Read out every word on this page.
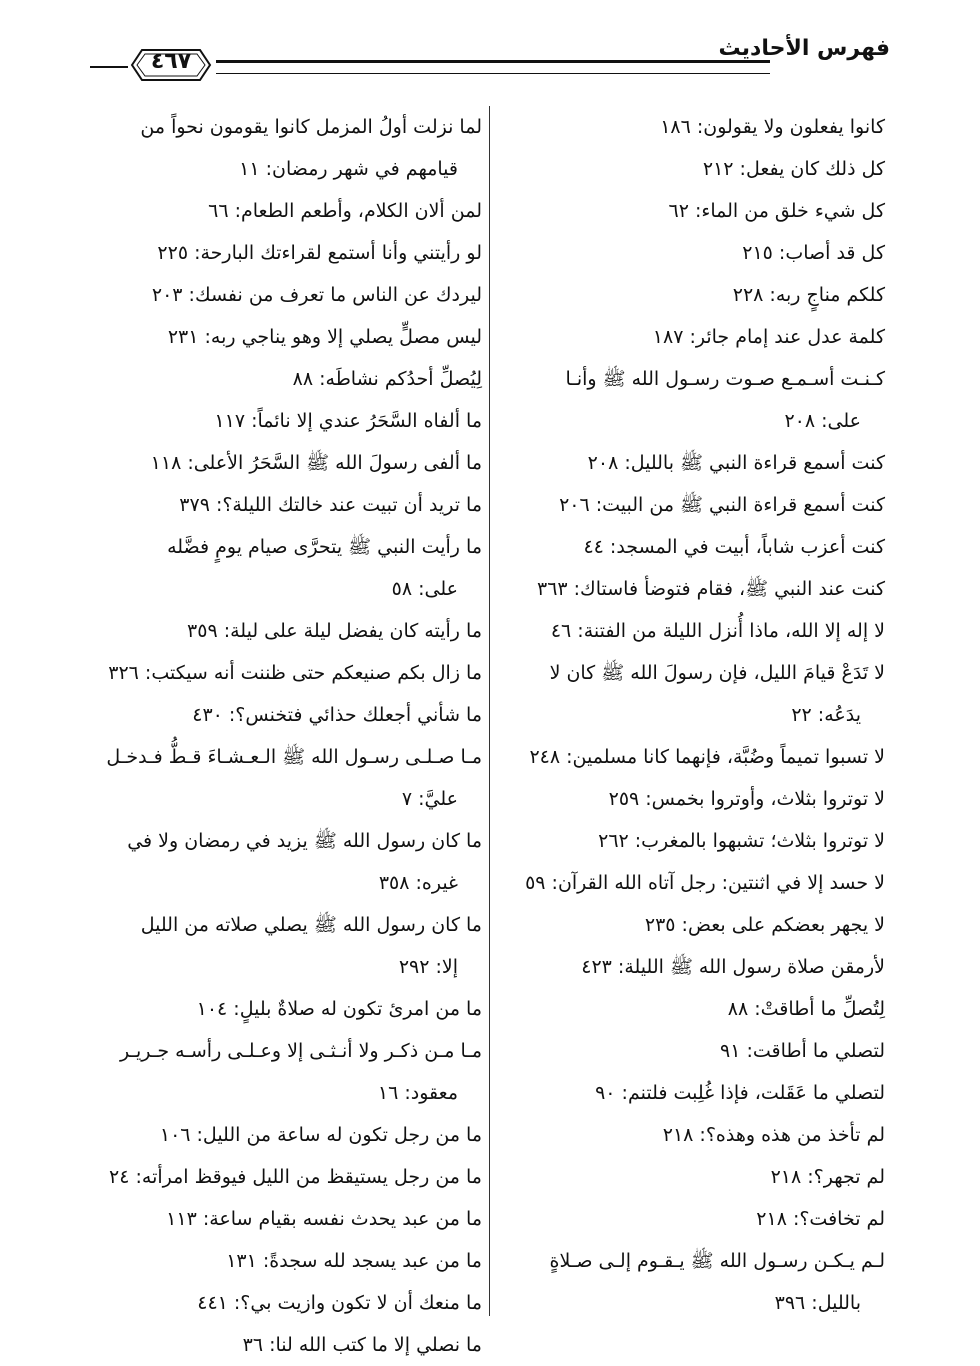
فهرس الأحاديث
٤٦٧
كانوا يفعلون ولا يقولون: ١٨٦
كل ذلك كان يفعل: ٢١٢
كل شيء خلق من الماء: ٦٢
كل قد أصاب: ٢١٥
كلكم مناجٍ ربه: ٢٢٨
كلمة عدل عند إمام جائر: ١٨٧
كـنـت أسـمـع صـوت رسـول الله ﷺ وأنـا
على: ٢٠٨
كنت أسمع قراءة النبي ﷺ بالليل: ٢٠٨
كنت أسمع قراءة النبي ﷺ من البيت: ٢٠٦
كنت أعزب شاباً، أبيت في المسجد: ٤٤
كنت عند النبي ﷺ، فقام فتوضأ فاستاك: ٣٦٣
لا إله إلا الله، ماذا أُنزل الليلة من الفتنة: ٤٦
لا تَدَعْ قيامَ الليل، فإن رسولَ الله ﷺ كان لا
يدَعُه: ٢٢
لا تسبوا تميماً وضُبَّة، فإنهما كانا مسلمين: ٢٤٨
لا توتروا بثلاث، وأوتروا بخمس: ٢٥٩
لا توتروا بثلاث؛ تشبهوا بالمغرب: ٢٦٢
لا حسد إلا في اثنتين: رجل آتاه الله القرآن: ٥٩
لا يجهر بعضكم على بعض: ٢٣٥
لأرمقن صلاة رسول الله ﷺ الليلة: ٤٢٣
لِتُصلِّ ما أطاقتْ: ٨٨
لتصلي ما أطاقت: ٩١
لتصلي ما عَقَلت، فإذا غُلِبت فلتنم: ٩٠
لم تأخذ من هذه وهذه؟: ٢١٨
لم تجهر؟: ٢١٨
لم تخافت؟: ٢١٨
لـم يـكـن رسـول الله ﷺ يـقـوم إلـى صـلاةٍ
بالليل: ٣٩٦
لما نزلت أولُ المزمل كانوا يقومون نحواً من
قيامهم في شهر رمضان: ١١
لمن ألان الكلام، وأطعم الطعام: ٦٦
لو رأيتني وأنا أستمع لقراءتك البارحة: ٢٢٥
ليردك عن الناس ما تعرف من نفسك: ٢٠٣
ليس مصلٍّ يصلي إلا وهو يناجي ربه: ٢٣١
لِيُصلِّ أحدُكم نشاطَه: ٨٨
ما ألفاه السَّحَرُ عندي إلا نائماً: ١١٧
ما ألفى رسولَ الله ﷺ السَّحَرُ الأعلى: ١١٨
ما تريد أن تبيت عند خالتك الليلة؟: ٣٧٩
ما رأيت النبي ﷺ يتحرَّى صيام يومٍ فضَّله
على: ٥٨
ما رأيته كان يفضل ليلة على ليلة: ٣٥٩
ما زال بكم صنيعكم حتى ظننت أنه سيكتب: ٣٢٦
ما شأني أجعلك حذائي فتخنس؟: ٤٣٠
مـا صـلـى رسـول الله ﷺ الـعـشـاءَ قـطُّ فـدخـل
عليَّ: ٧
ما كان رسول الله ﷺ يزيد في رمضان ولا في
غيره: ٣٥٨
ما كان رسول الله ﷺ يصلي صلاته من الليل
إلا: ٢٩٢
ما من امرئ تكون له صلاةٌ بليلٍ: ١٠٤
مـا مـن ذكـر ولا أنـثـى إلا وعـلـى رأسـه جـريـر
معقود: ١٦
ما من رجل تكون له ساعة من الليل: ١٠٦
ما من رجل يستيقظ من الليل فيوقظ امرأته: ٢٤
ما من عبد يحدث نفسه بقيام ساعة: ١١٣
ما من عبد يسجد لله سجدةً: ١٣١
ما منعك أن لا تكون وازيت بي؟: ٤٤١
ما نصلي إلا ما كتب الله لنا: ٣٦
